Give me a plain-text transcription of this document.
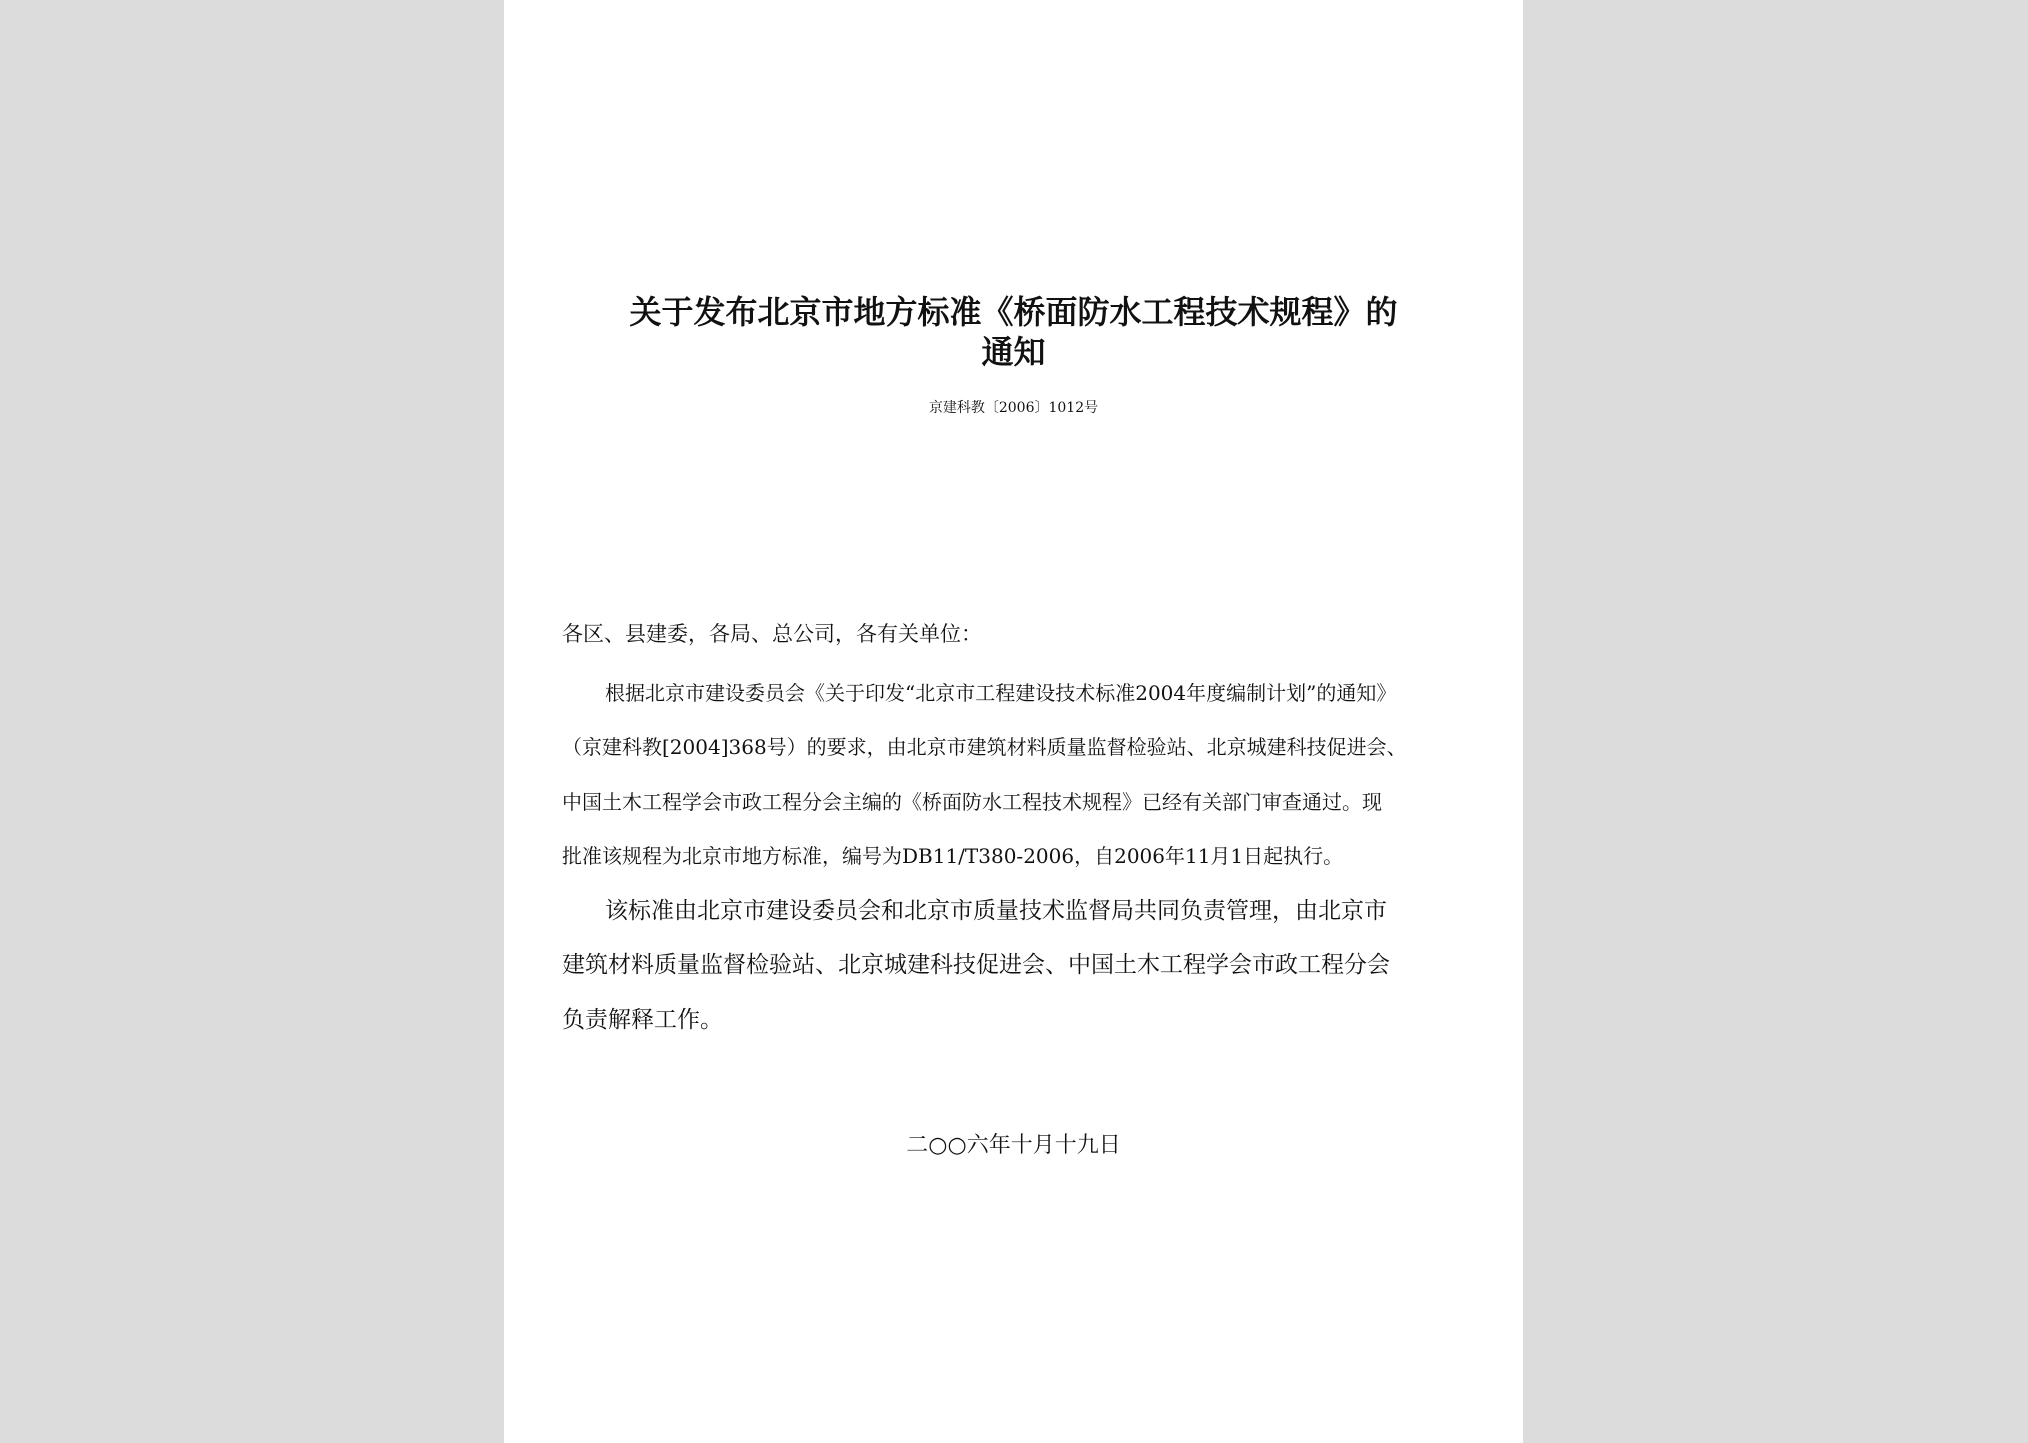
关于发布北京市地方标准《桥面防水工程技术规程》的
通知
京建科教〔2006〕1012号
各区、县建委，各局、总公司，各有关单位：
根据北京市建设委员会《关于印发“北京市工程建设技术标准2004年度编制计划”的通知》
（京建科教[2004]368号）的要求，由北京市建筑材料质量监督检验站、北京城建科技促进会、
中国土木工程学会市政工程分会主编的《桥面防水工程技术规程》已经有关部门审查通过。现
批准该规程为北京市地方标准，编号为DB11/T380-2006，自2006年11月1日起执行。
该标准由北京市建设委员会和北京市质量技术监督局共同负责管理，由北京市
建筑材料质量监督检验站、北京城建科技促进会、中国土木工程学会市政工程分会
负责解释工作。
二○○六年十月十九日
